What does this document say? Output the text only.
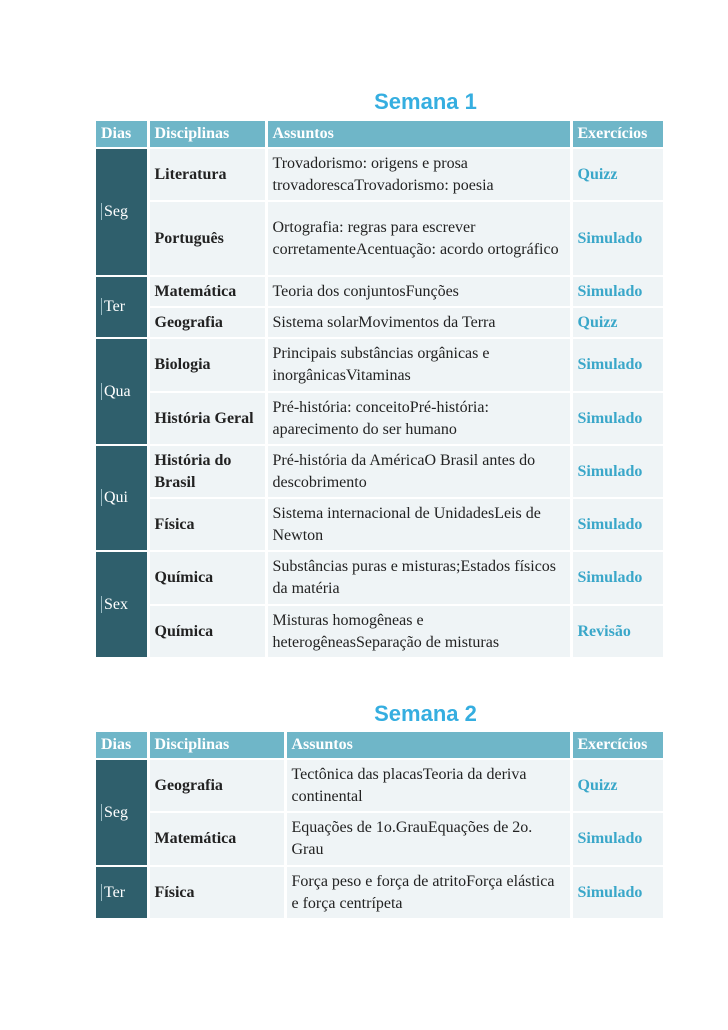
Semana 1
Dias	Disciplinas	Assuntos	Exercícios
Seg	Literatura	Trovadorismo: origens e prosa trovadorescaTrovadorismo: poesia	Quizz
	Português	Ortografia: regras para escrever corretamenteAcentuação: acordo ortográfico	Simulado
Ter	Matemática	Teoria dos conjuntosFunções	Simulado
	Geografia	Sistema solarMovimentos da Terra	Quizz
Qua	Biologia	Principais substâncias orgânicas e inorgânicasVitaminas	Simulado
	História Geral	Pré-história: conceitoPré-história: aparecimento do ser humano	Simulado
Qui	História do Brasil	Pré-história da AméricaO Brasil antes do descobrimento	Simulado
	Física	Sistema internacional de UnidadesLeis de Newton	Simulado
Sex	Química	Substâncias puras e misturas;Estados físicos da matéria	Simulado
	Química	Misturas homogêneas e heterogêneasSeparação de misturas	Revisão
Semana 2
Dias	Disciplinas	Assuntos	Exercícios
Seg	Geografia	Tectônica das placasTeoria da deriva continental	Quizz
	Matemática	Equações de 1o.GrauEquações de 2o. Grau	Simulado
Ter	Física	Força peso e força de atritoForça elástica e força centrípeta	Simulado
